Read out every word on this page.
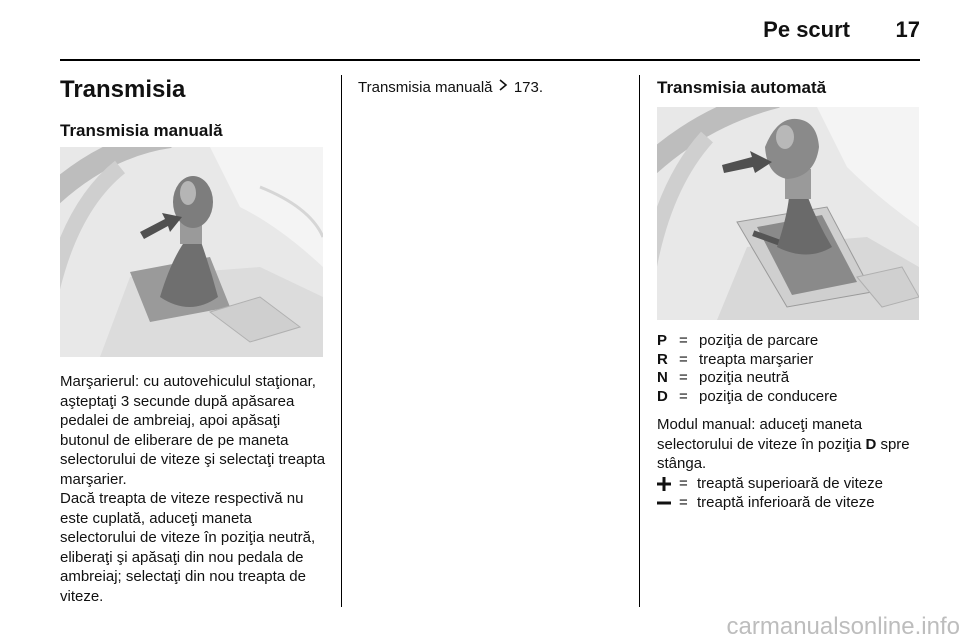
Pe scurt	17
Transmisia
Transmisia manuală

Marşarierul: cu autovehiculul staţionar, aşteptaţi 3 secunde după apăsarea pedalei de ambreiaj, apoi apăsaţi butonul de eliberare de pe maneta selectorului de viteze şi selectaţi treapta marşarier.

Dacă treapta de viteze respectivă nu este cuplată, aduceţi maneta selectorului de viteze în poziţia neutră, eliberaţi şi apăsaţi din nou pedala de ambreiaj; selectaţi din nou treapta de viteze.

Transmisia manuală 173.	Transmisia automată
P = poziţia de parcare
R = treapta marşarier
N = poziţia neutră
D = poziţia de conducere

Modul manual: aduceţi maneta selectorului de viteze în poziţia D spre stânga.

= treaptă superioară de viteze
= treaptă inferioară de viteze
carmanualsonline.info
